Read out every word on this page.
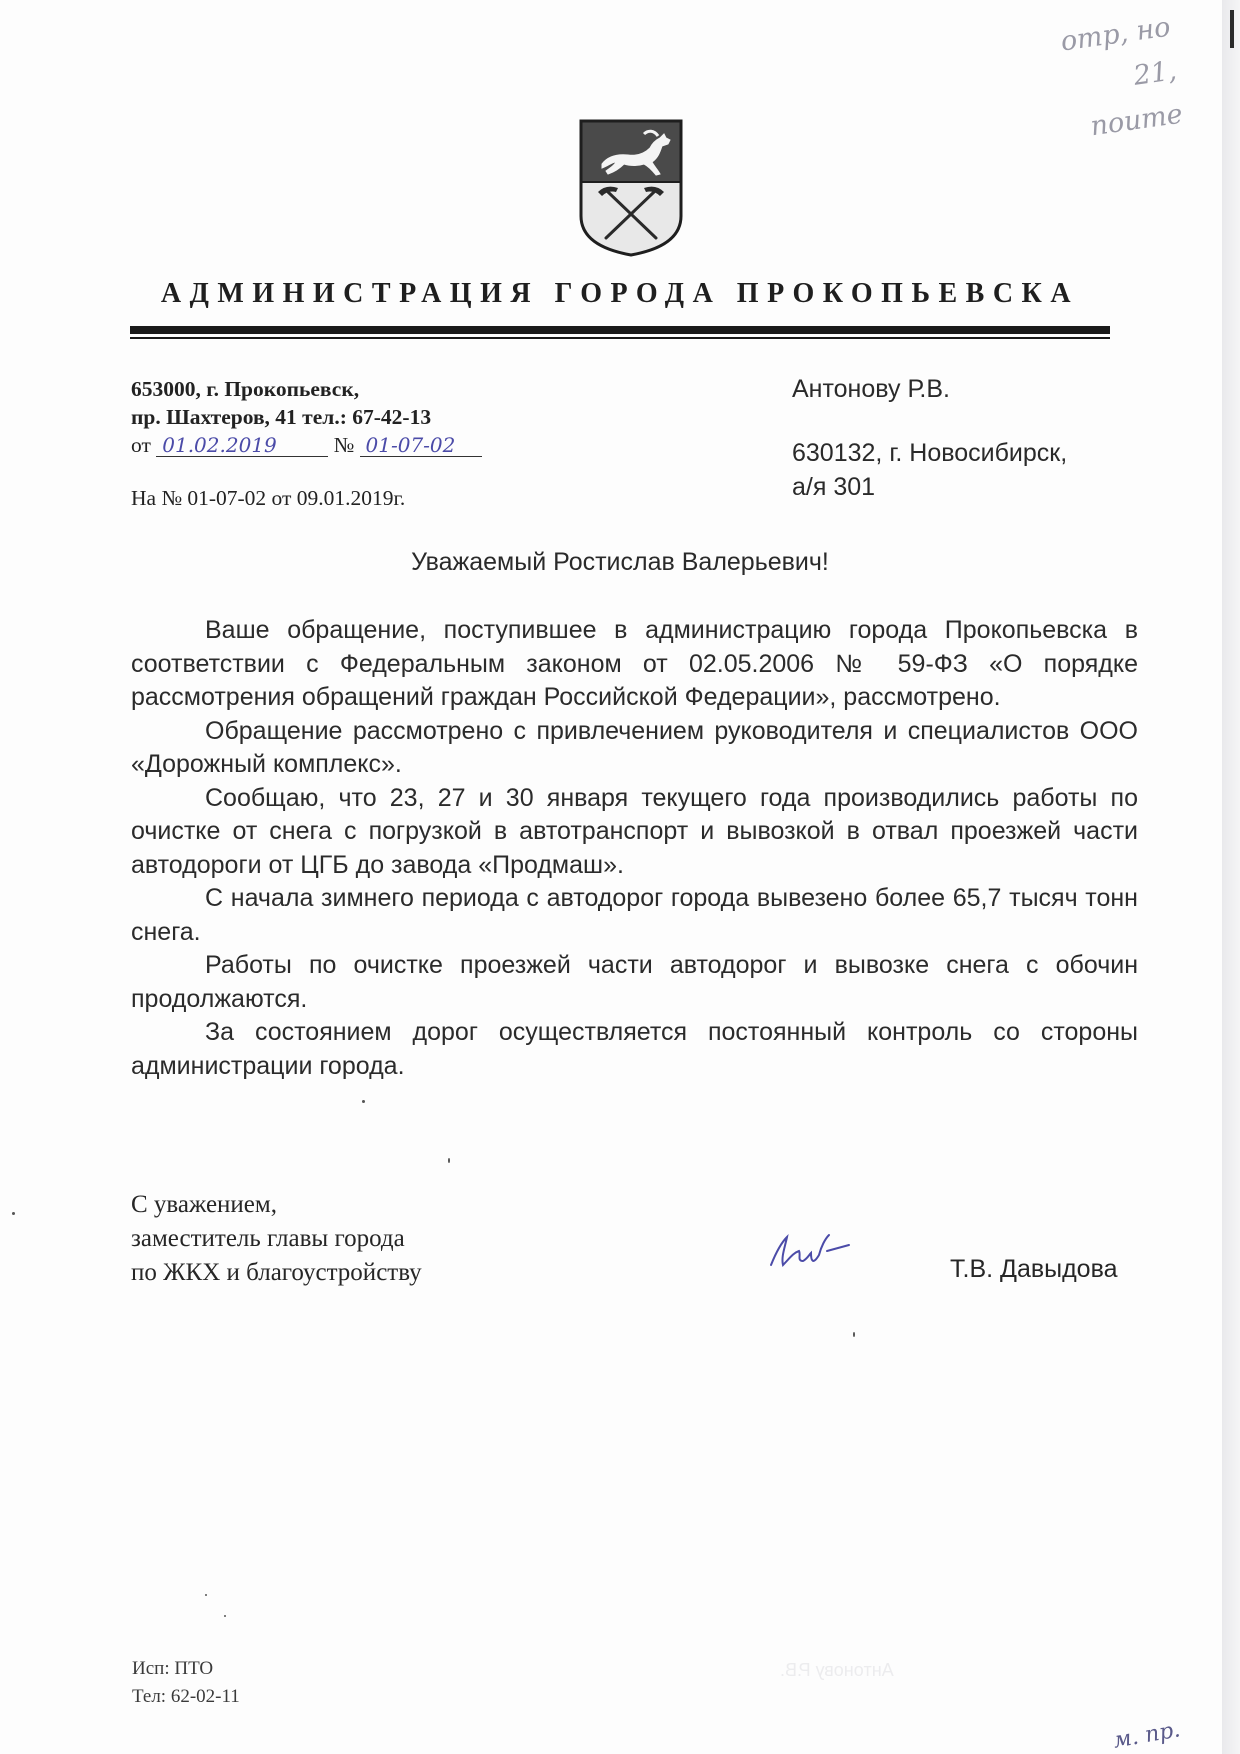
отр, но
21, поите
АДМИНИСТРАЦИЯ ГОРОДА ПРОКОПЬЕВСКА
653000, г. Прокопьевск,
пр. Шахтеров, 41 тел.: 67-42-13
от 01.02.2019	№ 01-07-02
На № 01-07-02 от 09.01.2019г.
Антонову Р.В.
630132, г. Новосибирск,
а/я 301
Уважаемый Ростислав Валерьевич!

Ваше обращение, поступившее в администрацию города Прокопьевска в соответствии с Федеральным законом от 02.05.2006 № 59-ФЗ «О порядке рассмотрения обращений граждан Российской Федерации», рассмотрено.

Обращение рассмотрено с привлечением руководителя и специалистов ООО «Дорожный комплекс».

Сообщаю, что 23, 27 и 30 января текущего года производились работы по очистке от снега с погрузкой в автотранспорт и вывозкой в отвал проезжей части автодороги от ЦГБ до завода «Продмаш».

С начала зимнего периода с автодорог города вывезено более 65,7 тысяч тонн снега.

Работы по очистке проезжей части автодорог и вывозке снега с обочин продолжаются.

За состоянием дорог осуществляется постоянный контроль со стороны администрации города.

С уважением,
заместитель главы города
по ЖКХ и благоустройству	Т.В. Давыдова
Антонову Р.В.
Исп: ПТО
Тел: 62-02-11
м. пр.
